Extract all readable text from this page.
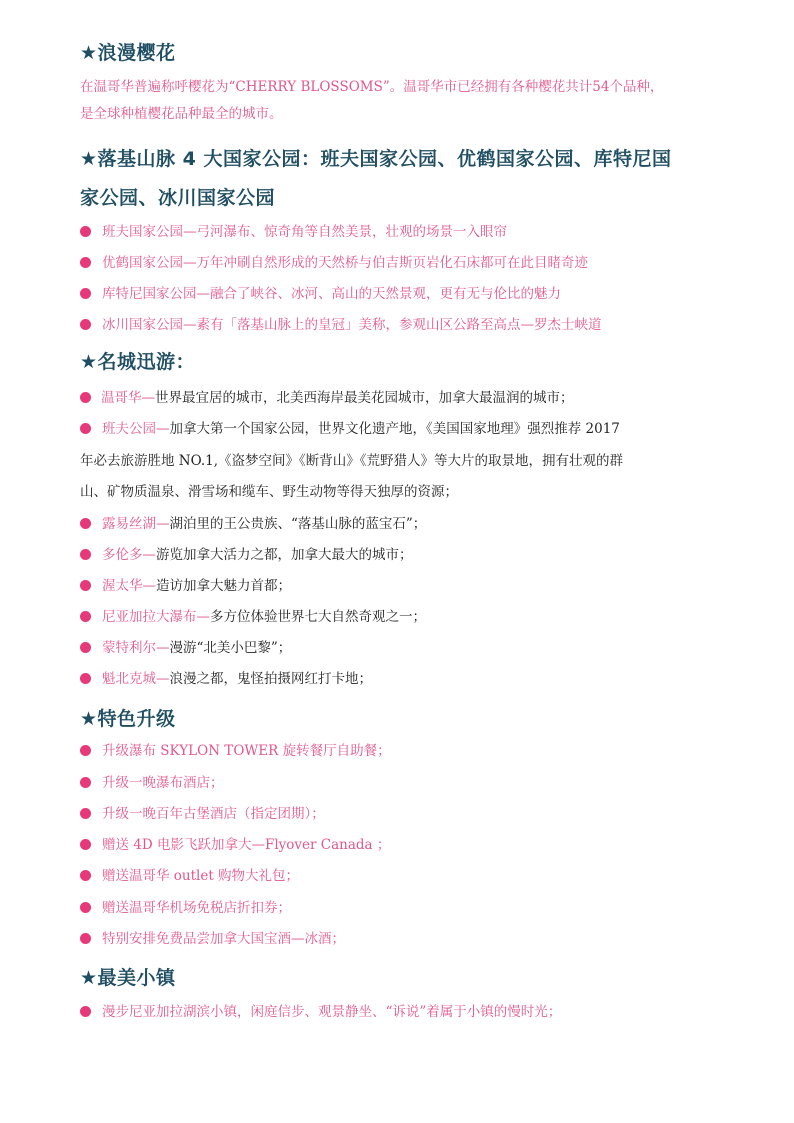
★浪漫樱花
在温哥华普遍称呼樱花为“CHERRY BLOSSOMS”。温哥华市已经拥有各种樱花共计54个品种，
是全球种植樱花品种最全的城市。
★落基山脉 4 大国家公园：班夫国家公园、优鹤国家公园、库特尼国
家公园、冰川国家公园
班夫国家公园—弓河瀑布、惊奇角等自然美景，壮观的场景一入眼帘
优鹤国家公园—万年冲刷自然形成的天然桥与伯吉斯页岩化石床都可在此目睹奇迹
库特尼国家公园—融合了峡谷、冰河、高山的天然景观，更有无与伦比的魅力
冰川国家公园—素有「落基山脉上的皇冠」美称，参观山区公路至高点—罗杰士峡道
★名城迅游：
温哥华—世界最宜居的城市，北美西海岸最美花园城市，加拿大最温润的城市；
班夫公园—加拿大第一个国家公园，世界文化遗产地，《美国国家地理》强烈推荐 2017
年必去旅游胜地 NO.1,《盗梦空间》《断背山》《荒野猎人》等大片的取景地，拥有壮观的群
山、矿物质温泉、滑雪场和缆车、野生动物等得天独厚的资源；
露易丝湖—湖泊里的王公贵族、“落基山脉的蓝宝石”；
多伦多—游览加拿大活力之都，加拿大最大的城市；
渥太华—造访加拿大魅力首都；
尼亚加拉大瀑布—多方位体验世界七大自然奇观之一；
蒙特利尔—漫游“北美小巴黎”；
魁北克城—浪漫之都，鬼怪拍摄网红打卡地；
★特色升级
升级瀑布 SKYLON TOWER 旋转餐厅自助餐；
升级一晚瀑布酒店；
升级一晚百年古堡酒店（指定团期）；
赠送 4D 电影飞跃加拿大—Flyover Canada ；
赠送温哥华 outlet 购物大礼包；
赠送温哥华机场免税店折扣券；
特别安排免费品尝加拿大国宝酒—冰酒；
★最美小镇
漫步尼亚加拉湖滨小镇，闲庭信步、观景静坐、“诉说”着属于小镇的慢时光；
